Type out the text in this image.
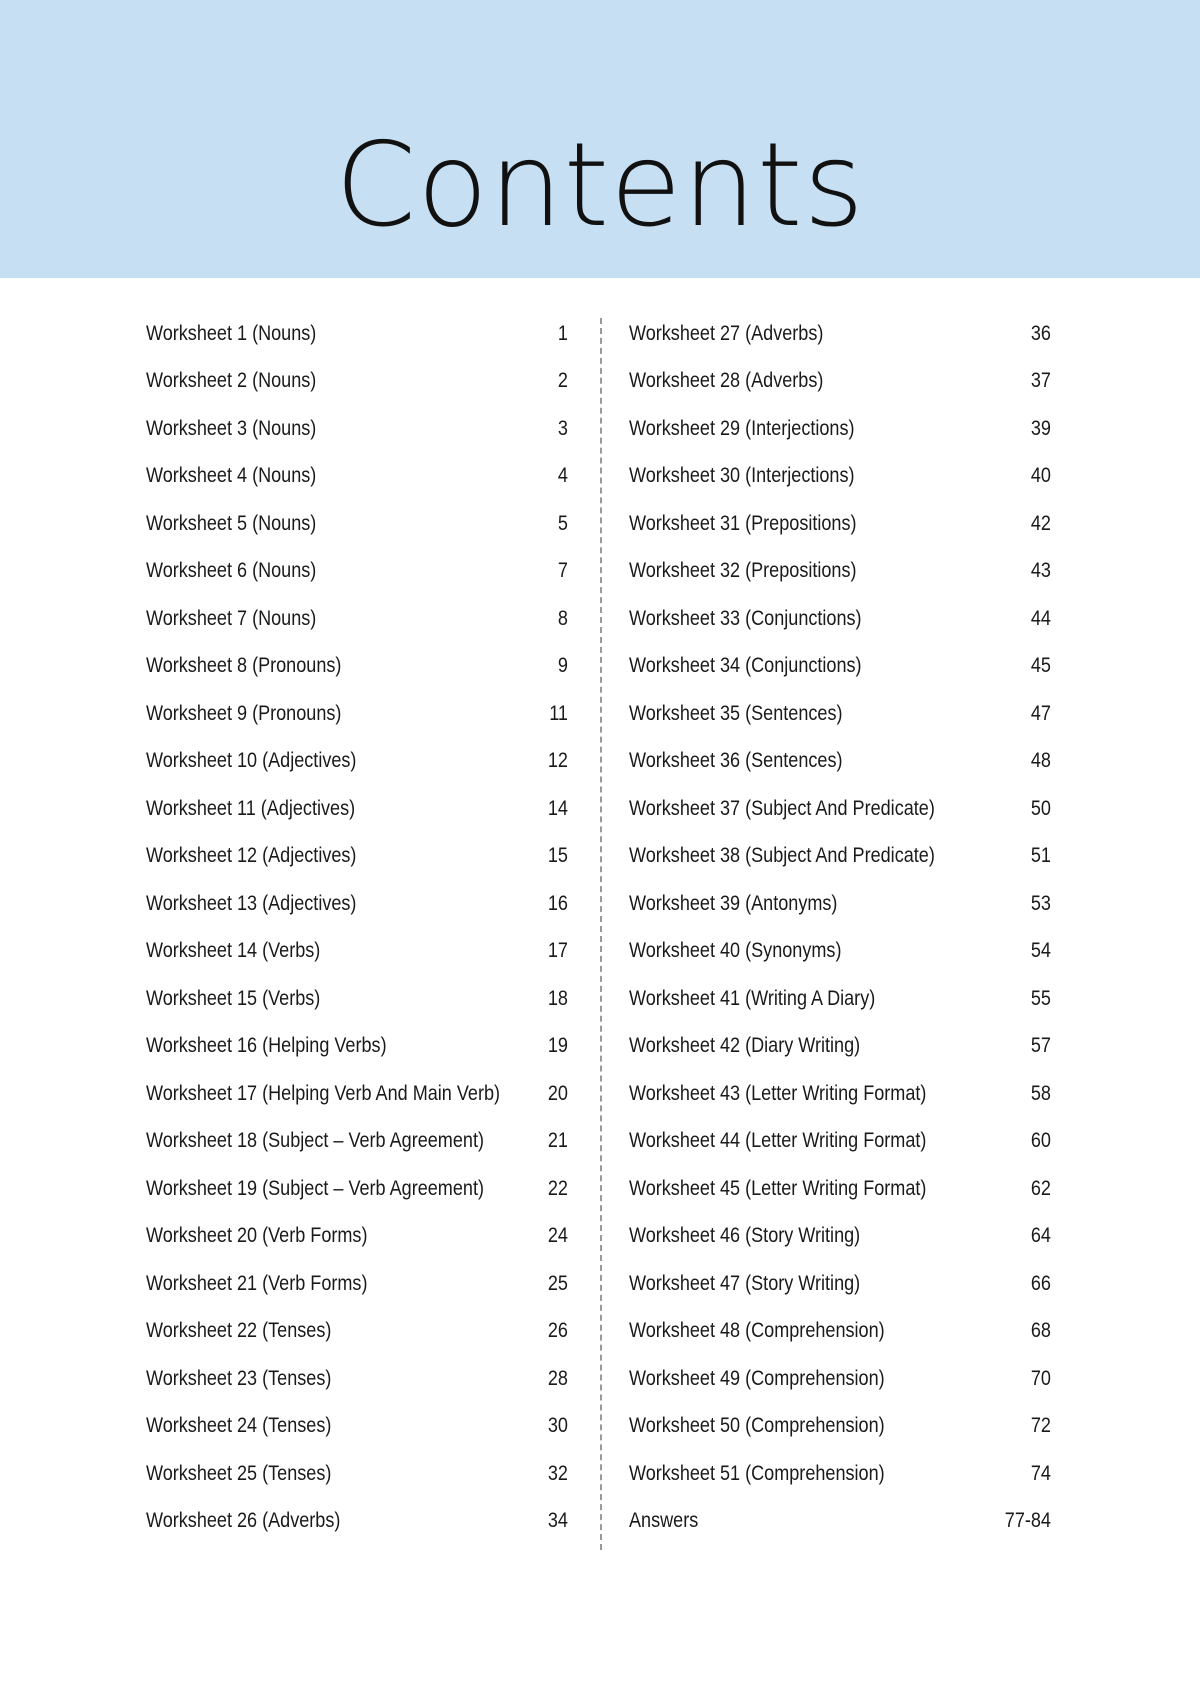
Contents
Worksheet 1 (Nouns)	1
Worksheet 2 (Nouns)	2
Worksheet 3 (Nouns)	3
Worksheet 4 (Nouns)	4
Worksheet 5 (Nouns)	5
Worksheet 6 (Nouns)	7
Worksheet 7 (Nouns)	8
Worksheet 8 (Pronouns)	9
Worksheet 9 (Pronouns)	11
Worksheet 10 (Adjectives)	12
Worksheet 11 (Adjectives)	14
Worksheet 12 (Adjectives)	15
Worksheet 13 (Adjectives)	16
Worksheet 14 (Verbs)	17
Worksheet 15 (Verbs)	18
Worksheet 16 (Helping Verbs)	19
Worksheet 17 (Helping Verb And Main Verb) 20
Worksheet 18 (Subject – Verb Agreement)	21
Worksheet 19 (Subject – Verb Agreement)	22
Worksheet 20 (Verb Forms)	24
Worksheet 21 (Verb Forms)	25
Worksheet 22 (Tenses)	26
Worksheet 23 (Tenses)	28
Worksheet 24 (Tenses)	30
Worksheet 25 (Tenses)	32
Worksheet 26 (Adverbs)	34
Worksheet 27 (Adverbs)	36
Worksheet 28 (Adverbs)	37
Worksheet 29 (Interjections)	39
Worksheet 30 (Interjections)	40
Worksheet 31 (Prepositions)	42
Worksheet 32 (Prepositions)	43
Worksheet 33 (Conjunctions)	44
Worksheet 34 (Conjunctions)	45
Worksheet 35 (Sentences)	47
Worksheet 36 (Sentences)	48
Worksheet 37 (Subject And Predicate)	50
Worksheet 38 (Subject And Predicate)	51
Worksheet 39 (Antonyms)	53
Worksheet 40 (Synonyms)	54
Worksheet 41 (Writing A Diary)	55
Worksheet 42 (Diary Writing)	57
Worksheet 43 (Letter Writing Format)	58
Worksheet 44 (Letter Writing Format)	60
Worksheet 45 (Letter Writing Format)	62
Worksheet 46 (Story Writing)	64
Worksheet 47 (Story Writing)	66
Worksheet 48 (Comprehension)	68
Worksheet 49 (Comprehension)	70
Worksheet 50 (Comprehension)	72
Worksheet 51 (Comprehension)	74
Answers	77-84
